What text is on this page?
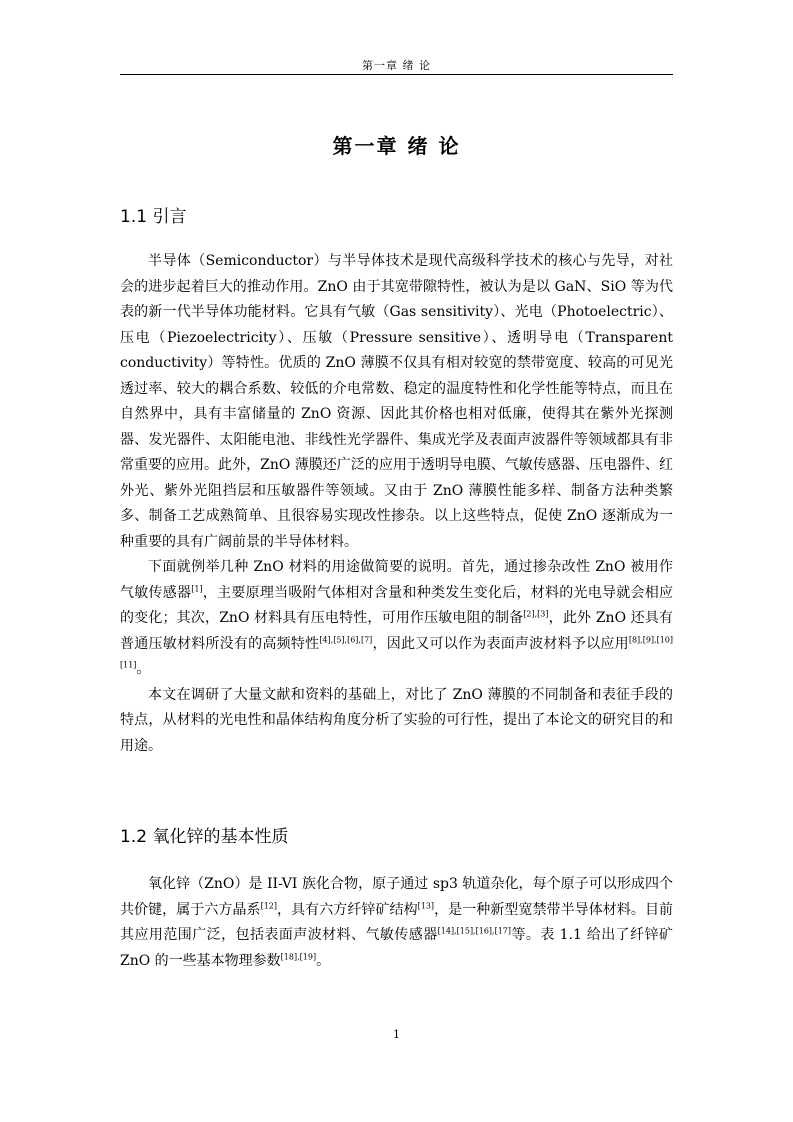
第一章 绪 论
第一章 绪 论
1.1 引言

半导体（Semiconductor）与半导体技术是现代高级科学技术的核心与先导，对社会的进步起着巨大的推动作用。ZnO 由于其宽带隙特性，被认为是以 GaN、SiO 等为代表的新一代半导体功能材料。它具有气敏（Gas sensitivity）、光电（Photoelectric）、压电（Piezoelectricity）、压敏（Pressure sensitive）、透明导电（Transparent conductivity）等特性。优质的 ZnO 薄膜不仅具有相对较宽的禁带宽度、较高的可见光透过率、较大的耦合系数、较低的介电常数、稳定的温度特性和化学性能等特点，而且在自然界中，具有丰富储量的 ZnO 资源、因此其价格也相对低廉，使得其在紫外光探测器、发光器件、太阳能电池、非线性光学器件、集成光学及表面声波器件等领域都具有非常重要的应用。此外，ZnO 薄膜还广泛的应用于透明导电膜、气敏传感器、压电器件、红外光、紫外光阻挡层和压敏器件等领域。又由于 ZnO 薄膜性能多样、制备方法种类繁多、制备工艺成熟简单、且很容易实现改性掺杂。以上这些特点，促使 ZnO 逐渐成为一种重要的具有广阔前景的半导体材料。

下面就例举几种 ZnO 材料的用途做简要的说明。首先，通过掺杂改性 ZnO 被用作气敏传感器[1]，主要原理当吸附气体相对含量和种类发生变化后，材料的光电导就会相应的变化；其次，ZnO 材料具有压电特性，可用作压敏电阻的制备[2],[3]，此外 ZnO 还具有普通压敏材料所没有的高频特性[4],[5],[6],[7]，因此又可以作为表面声波材料予以应用[8],[9],[10][11]。

本文在调研了大量文献和资料的基础上，对比了 ZnO 薄膜的不同制备和表征手段的特点，从材料的光电性和晶体结构角度分析了实验的可行性，提出了本论文的研究目的和用途。

1.2 氧化锌的基本性质

氧化锌（ZnO）是 II-VI 族化合物，原子通过 sp3 轨道杂化，每个原子可以形成四个共价键，属于六方晶系[12]，具有六方纤锌矿结构[13]，是一种新型宽禁带半导体材料。目前其应用范围广泛，包括表面声波材料、气敏传感器[14],[15],[16],[17]等。表 1.1 给出了纤锌矿 ZnO 的一些基本物理参数[18],[19]。

1
